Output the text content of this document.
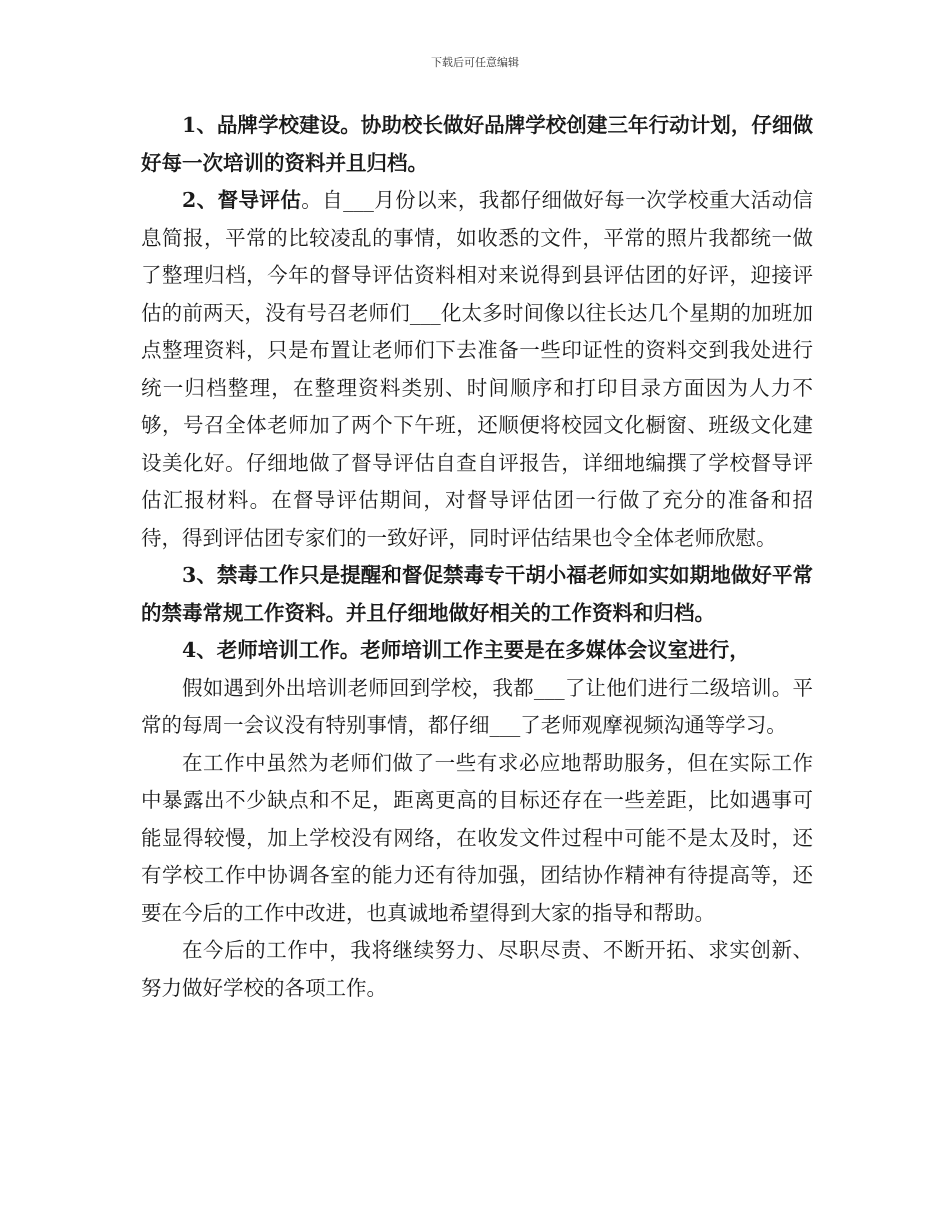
下载后可任意编辑

1、品牌学校建设。协助校长做好品牌学校创建三年行动计划，仔细做好每一次培训的资料并且归档。

2、督导评估。自___月份以来，我都仔细做好每一次学校重大活动信息简报，平常的比较凌乱的事情，如收悉的文件，平常的照片我都统一做了整理归档，今年的督导评估资料相对来说得到县评估团的好评，迎接评估的前两天，没有号召老师们___化太多时间像以往长达几个星期的加班加点整理资料，只是布置让老师们下去准备一些印证性的资料交到我处进行统一归档整理，在整理资料类别、时间顺序和打印目录方面因为人力不够，号召全体老师加了两个下午班，还顺便将校园文化橱窗、班级文化建设美化好。仔细地做了督导评估自查自评报告，详细地编撰了学校督导评估汇报材料。在督导评估期间，对督导评估团一行做了充分的准备和招待，得到评估团专家们的一致好评，同时评估结果也令全体老师欣慰。

3、禁毒工作只是提醒和督促禁毒专干胡小福老师如实如期地做好平常的禁毒常规工作资料。并且仔细地做好相关的工作资料和归档。

4、老师培训工作。老师培训工作主要是在多媒体会议室进行，

假如遇到外出培训老师回到学校，我都___了让他们进行二级培训。平常的每周一会议没有特别事情，都仔细___了老师观摩视频沟通等学习。

在工作中虽然为老师们做了一些有求必应地帮助服务，但在实际工作中暴露出不少缺点和不足，距离更高的目标还存在一些差距，比如遇事可能显得较慢，加上学校没有网络，在收发文件过程中可能不是太及时，还有学校工作中协调各室的能力还有待加强，团结协作精神有待提高等，还要在今后的工作中改进，也真诚地希望得到大家的指导和帮助。

在今后的工作中，我将继续努力、尽职尽责、不断开拓、求实创新、努力做好学校的各项工作。
